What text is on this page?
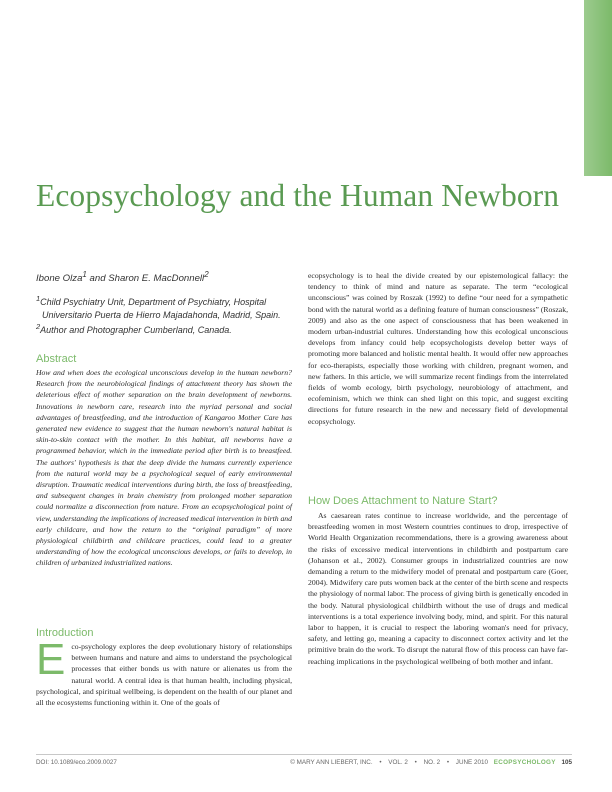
Ecopsychology and the Human Newborn
Ibone Olza$^1$ and Sharon E. MacDonnell$^2$

$^1$Child Psychiatry Unit, Department of Psychiatry, Hospital Universitario Puerta de Hierro Majadahonda, Madrid, Spain.

$^2$Author and Photographer Cumberland, Canada.

Abstract

How and when does the ecological unconscious develop in the human newborn? Research from the neurobiological findings of attachment theory has shown the deleterious effect of mother separation on the brain development of newborns. Innovations in newborn care, research into the myriad personal and social advantages of breastfeeding, and the introduction of Kangaroo Mother Care has generated new evidence to suggest that the human newborn's natural habitat is skin-to-skin contact with the mother. In this habitat, all newborns have a programmed behavior, which in the immediate period after birth is to breastfeed. The authors' hypothesis is that the deep divide the humans currently experience from the natural world may be a psychological sequel of early environmental disruption. Traumatic medical interventions during birth, the loss of breastfeeding, and subsequent changes in brain chemistry from prolonged mother separation could normalize a disconnection from nature. From an ecopsychological point of view, understanding the implications of increased medical intervention in birth and early childcare, and how the return to the “original paradigm” of more physiological childbirth and childcare practices, could lead to a greater understanding of how the ecological unconscious develops, or fails to develop, in children of urbanized industrialized nations.

Introduction

Eco-psychology explores the deep evolutionary history of relationships between humans and nature and aims to understand the psychological processes that either bonds us with nature or alienates us from the natural world. A central idea is that human health, including physical, psychological, and spiritual wellbeing, is dependent on the health of our planet and all the ecosystems functioning within it. One of the goals of

ecopsychology is to heal the divide created by our epistemological fallacy: the tendency to think of mind and nature as separate. The term “ecological unconscious” was coined by Roszak (1992) to define “our need for a sympathetic bond with the natural world as a defining feature of human consciousness” (Roszak, 2009) and also as the one aspect of consciousness that has been weakened in modern urban-industrial cultures. Understanding how this ecological unconscious develops from infancy could help ecopsychologists develop better ways of promoting more balanced and holistic mental health. It would offer new approaches for eco-therapists, especially those working with children, pregnant women, and new fathers. In this article, we will summarize recent findings from the interrelated fields of womb ecology, birth psychology, neurobiology of attachment, and ecofeminism, which we think can shed light on this topic, and suggest exciting directions for future research in the new and necessary field of developmental ecopsychology.

How Does Attachment to Nature Start?

As caesarean rates continue to increase worldwide, and the percentage of breastfeeding women in most Western countries continues to drop, irrespective of World Health Organization recommendations, there is a growing awareness about the risks of excessive medical interventions in childbirth and postpartum care (Johanson et al., 2002). Consumer groups in industrialized countries are now demanding a return to the midwifery model of prenatal and postpartum care (Goer, 2004). Midwifery care puts women back at the center of the birth scene and respects the physiology of normal labor. The process of giving birth is genetically encoded in the body. Natural physiological childbirth without the use of drugs and medical interventions is a total experience involving body, mind, and spirit. For this natural labor to happen, it is crucial to respect the laboring woman's need for privacy, safety, and letting go, meaning a capacity to disconnect cortex activity and let the primitive brain do the work. To disrupt the natural flow of this process can have far-reaching implications in the psychological wellbeing of both mother and infant.

DOI: 10.1089/eco.2009.0027	© MARY ANN LIEBERT, INC. • VOL. 2 • NO. 2 • JUNE 2010 ECOPSYCHOLOGY 105
